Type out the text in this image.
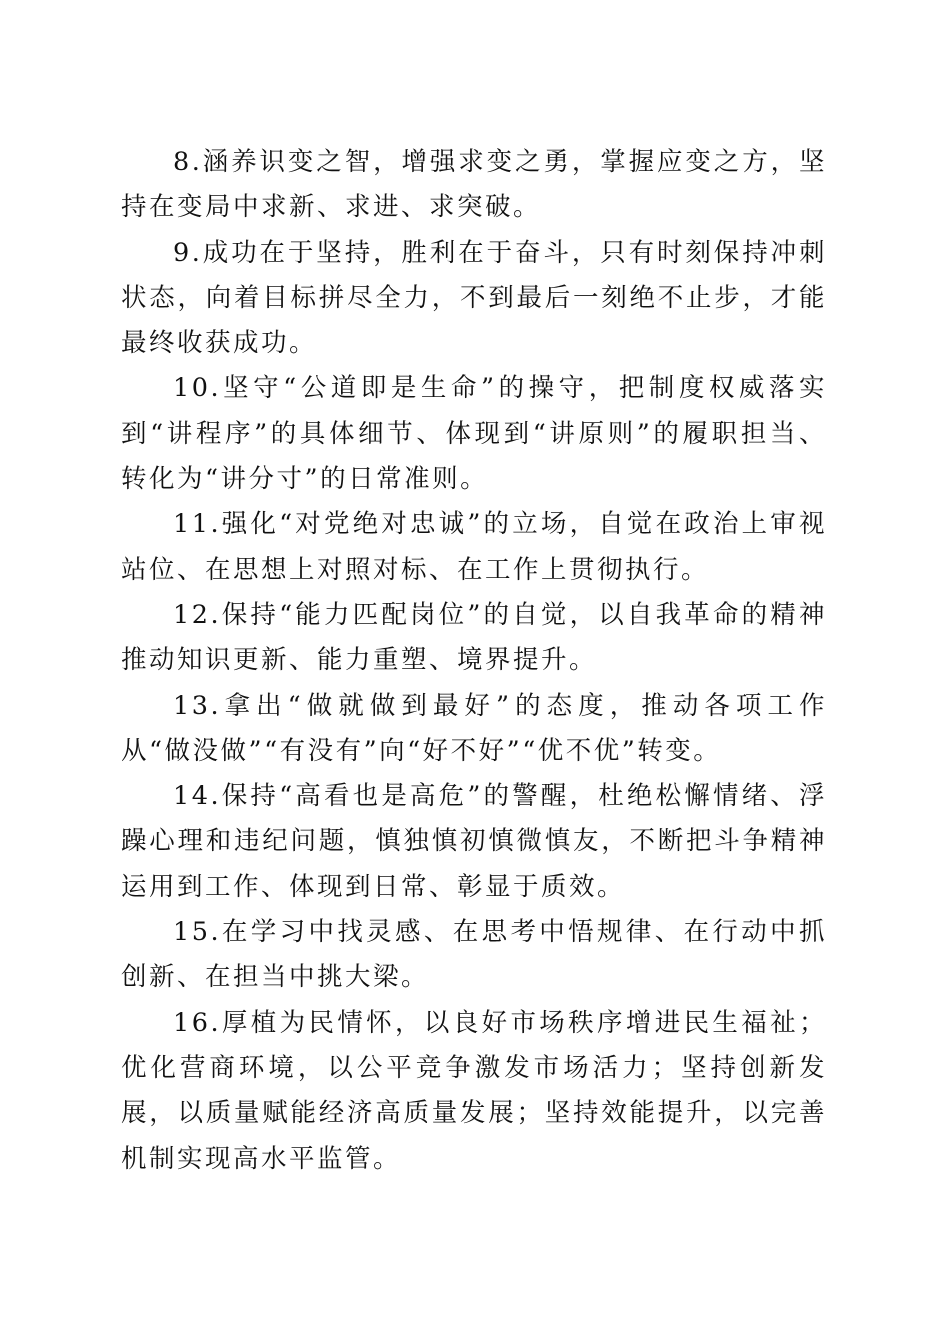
8.涵养识变之智，增强求变之勇，掌握应变之方，坚持在变局中求新、求进、求突破。

9.成功在于坚持，胜利在于奋斗，只有时刻保持冲刺状态，向着目标拼尽全力，不到最后一刻绝不止步，才能最终收获成功。

10.坚守“公道即是生命”的操守，把制度权威落实到“讲程序”的具体细节、体现到“讲原则”的履职担当、转化为“讲分寸”的日常准则。

11.强化“对党绝对忠诚”的立场，自觉在政治上审视站位、在思想上对照对标、在工作上贯彻执行。

12.保持“能力匹配岗位”的自觉，以自我革命的精神推动知识更新、能力重塑、境界提升。

13.拿出“做就做到最好”的态度，推动各项工作从“做没做”“有没有”向“好不好”“优不优”转变。

14.保持“高看也是高危”的警醒，杜绝松懈情绪、浮躁心理和违纪问题，慎独慎初慎微慎友，不断把斗争精神运用到工作、体现到日常、彰显于质效。

15.在学习中找灵感、在思考中悟规律、在行动中抓创新、在担当中挑大梁。

16.厚植为民情怀，以良好市场秩序增进民生福祉；优化营商环境，以公平竞争激发市场活力；坚持创新发展，以质量赋能经济高质量发展；坚持效能提升，以完善机制实现高水平监管。
